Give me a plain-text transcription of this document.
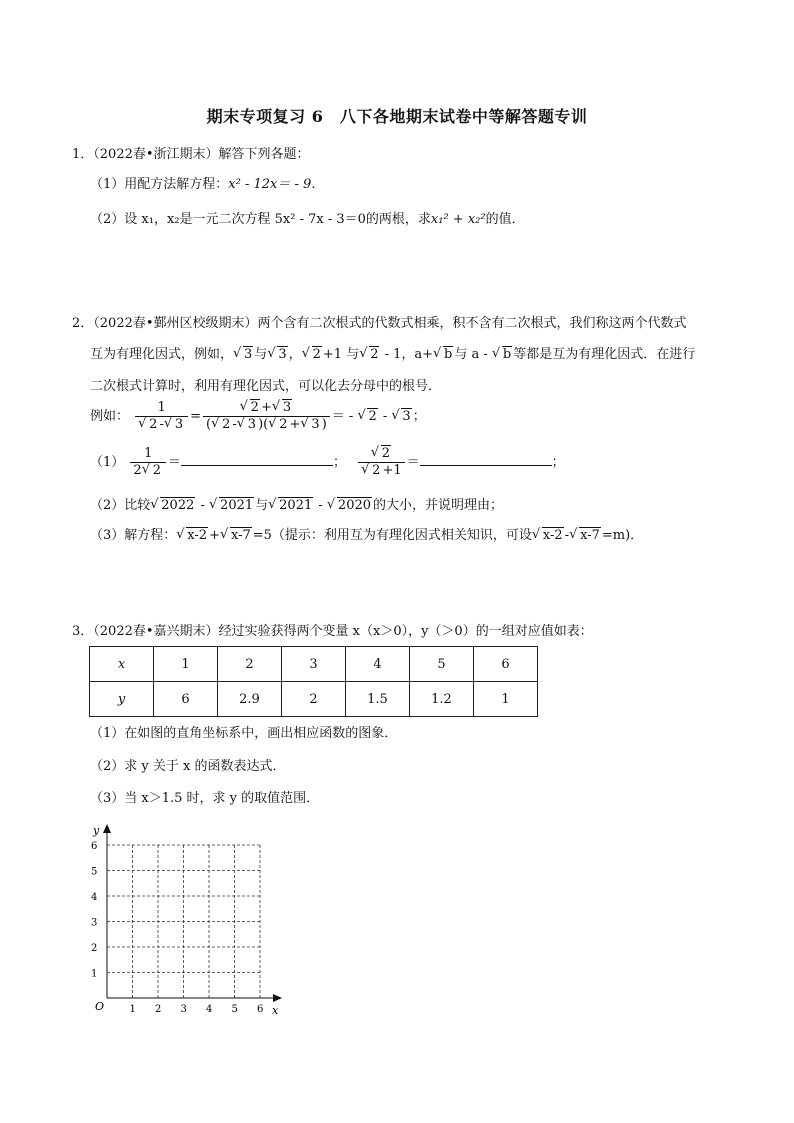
期末专项复习 6　八下各地期末试卷中等解答题专训
1．（2022春•浙江期末）解答下列各题：
（1）用配方法解方程：x² - 12x＝ - 9．
（2）设 x₁，x₂是一元二次方程 5x² - 7x - 3＝0的两根，求x₁² + x₂²的值．
2．（2022春•鄞州区校级期末）两个含有二次根式的代数式相乘，积不含有二次根式，我们称这两个代数式
互为有理化因式，例如， √ 3 与 √ 3 ， √ 2 +1 与 √ 2 - 1，a+ √ b 与 a - √ b 等都是互为有理化因式．在进行
二次根式计算时，利用有理化因式，可以化去分母中的根号．
例如： 1
√ 2 - √ 3 = √ $\frac{2 + √ 3}{( √ 2 - √ 3 )( √ 2 + √ 3 )}$ ＝ - √ 2 - √ 3 ；
$(1) \frac{1}{2 √ 2}$ ＝	； √ 2
√ 2 +1 ＝	；
（2）比较 √ 2022 - √ 2021 与 √ 2021 - √ 2020 的大小，并说明理由；
（3）解方程： √ x-2 + √ x-7 =5（提示：利用互为有理化因式相关知识，可设 √ x-2 - √ x-7 =m)．
3．（2022春•嘉兴期末）经过实验获得两个变量 x（x＞0），y（＞0）的一组对应值如表：
x	1	2	3	4	5	6
y	6	2.9	2	1.5	1.2	1
（1）在如图的直角坐标系中，画出相应函数的图象．
（2）求 y 关于 x 的函数表达式．
（3）当 x＞1.5 时，求 y 的取值范围．
y
x
O	1 2 3 4 5 6
1
2
3
4
5
6
